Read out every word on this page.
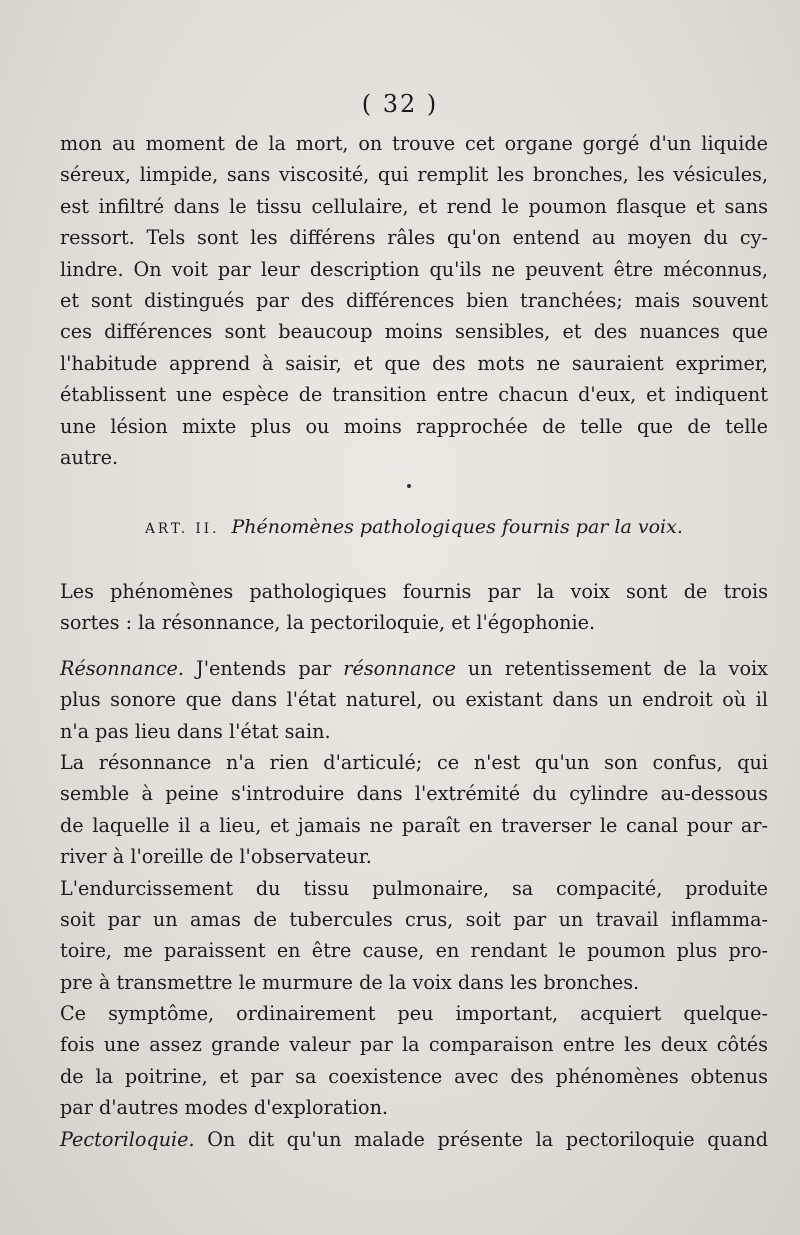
( 32 )
mon au moment de la mort, on trouve cet organe gorgé d'un liquide
séreux, limpide, sans viscosité, qui remplit les bronches, les vésicules,
est infiltré dans le tissu cellulaire, et rend le poumon flasque et sans
ressort. Tels sont les différens râles qu'on entend au moyen du cy-
lindre. On voit par leur description qu'ils ne peuvent être méconnus,
et sont distingués par des différences bien tranchées; mais souvent
ces différences sont beaucoup moins sensibles, et des nuances que
l'habitude apprend à saisir, et que des mots ne sauraient exprimer,
établissent une espèce de transition entre chacun d'eux, et indiquent
une lésion mixte plus ou moins rapprochée de telle que de telle
autre.
ART. II. Phénomènes pathologiques fournis par la voix.
Les phénomènes pathologiques fournis par la voix sont de trois
sortes : la résonnance, la pectoriloquie, et l'égophonie.
Résonnance. J'entends par résonnance un retentissement de la voix
plus sonore que dans l'état naturel, ou existant dans un endroit où il
n'a pas lieu dans l'état sain.
La résonnance n'a rien d'articulé; ce n'est qu'un son confus, qui
semble à peine s'introduire dans l'extrémité du cylindre au-dessous
de laquelle il a lieu, et jamais ne paraît en traverser le canal pour ar-
river à l'oreille de l'observateur.
L'endurcissement du tissu pulmonaire, sa compacité, produite
soit par un amas de tubercules crus, soit par un travail inflamma-
toire, me paraissent en être cause, en rendant le poumon plus pro-
pre à transmettre le murmure de la voix dans les bronches.
Ce symptôme, ordinairement peu important, acquiert quelque-
fois une assez grande valeur par la comparaison entre les deux côtés
de la poitrine, et par sa coexistence avec des phénomènes obtenus
par d'autres modes d'exploration.
Pectoriloquie. On dit qu'un malade présente la pectoriloquie quand
